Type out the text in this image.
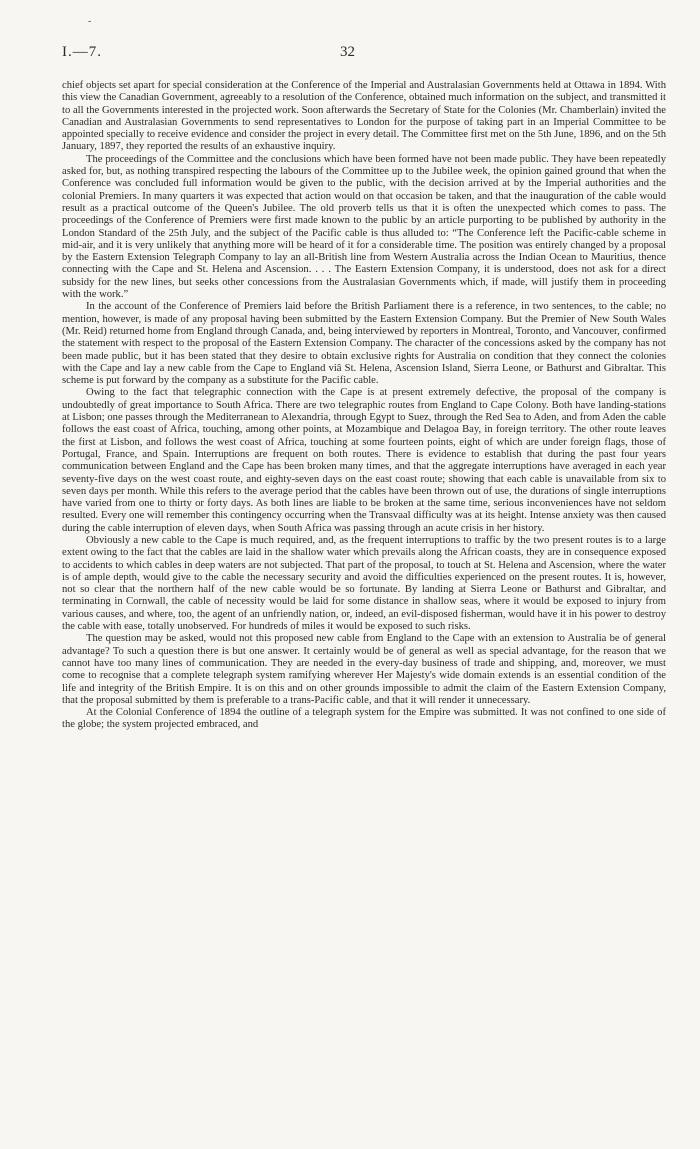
-
I.—7.	32

chief objects set apart for special consideration at the Conference of the Imperial and Australasian Governments held at Ottawa in 1894. With this view the Canadian Government, agreeably to a resolution of the Conference, obtained much information on the subject, and transmitted it to all the Governments interested in the projected work. Soon afterwards the Secretary of State for the Colonies (Mr. Chamberlain) invited the Canadian and Australasian Governments to send representatives to London for the purpose of taking part in an Imperial Committee to be appointed specially to receive evidence and consider the project in every detail. The Committee first met on the 5th June, 1896, and on the 5th January, 1897, they reported the results of an exhaustive inquiry.

The proceedings of the Committee and the conclusions which have been formed have not been made public. They have been repeatedly asked for, but, as nothing transpired respecting the labours of the Committee up to the Jubilee week, the opinion gained ground that when the Conference was concluded full information would be given to the public, with the decision arrived at by the Imperial authorities and the colonial Premiers. In many quarters it was expected that action would on that occasion be taken, and that the inauguration of the cable would result as a practical outcome of the Queen's Jubilee. The old proverb tells us that it is often the unexpected which comes to pass. The proceedings of the Conference of Premiers were first made known to the public by an article purporting to be published by authority in the London Standard of the 25th July, and the subject of the Pacific cable is thus alluded to: “The Conference left the Pacific-cable scheme in mid-air, and it is very unlikely that anything more will be heard of it for a considerable time. The position was entirely changed by a proposal by the Eastern Extension Telegraph Company to lay an all-British line from Western Australia across the Indian Ocean to Mauritius, thence connecting with the Cape and St. Helena and Ascension. . . . The Eastern Extension Company, it is understood, does not ask for a direct subsidy for the new lines, but seeks other concessions from the Australasian Governments which, if made, will justify them in proceeding with the work.”

In the account of the Conference of Premiers laid before the British Parliament there is a reference, in two sentences, to the cable; no mention, however, is made of any proposal having been submitted by the Eastern Extension Company. But the Premier of New South Wales (Mr. Reid) returned home from England through Canada, and, being interviewed by reporters in Montreal, Toronto, and Vancouver, confirmed the statement with respect to the proposal of the Eastern Extension Company. The character of the concessions asked by the company has not been made public, but it has been stated that they desire to obtain exclusive rights for Australia on condition that they connect the colonies with the Cape and lay a new cable from the Cape to England viâ St. Helena, Ascension Island, Sierra Leone, or Bathurst and Gibraltar. This scheme is put forward by the company as a substitute for the Pacific cable.

Owing to the fact that telegraphic connection with the Cape is at present extremely defective, the proposal of the company is undoubtedly of great importance to South Africa. There are two telegraphic routes from England to Cape Colony. Both have landing-stations at Lisbon; one passes through the Mediterranean to Alexandria, through Egypt to Suez, through the Red Sea to Aden, and from Aden the cable follows the east coast of Africa, touching, among other points, at Mozambique and Delagoa Bay, in foreign territory. The other route leaves the first at Lisbon, and follows the west coast of Africa, touching at some fourteen points, eight of which are under foreign flags, those of Portugal, France, and Spain. Interruptions are frequent on both routes. There is evidence to establish that during the past four years communication between England and the Cape has been broken many times, and that the aggregate interruptions have averaged in each year seventy-five days on the west coast route, and eighty-seven days on the east coast route; showing that each cable is unavailable from six to seven days per month. While this refers to the average period that the cables have been thrown out of use, the durations of single interruptions have varied from one to thirty or forty days. As both lines are liable to be broken at the same time, serious inconveniences have not seldom resulted. Every one will remember this contingency occurring when the Transvaal difficulty was at its height. Intense anxiety was then caused during the cable interruption of eleven days, when South Africa was passing through an acute crisis in her history.

Obviously a new cable to the Cape is much required, and, as the frequent interruptions to traffic by the two present routes is to a large extent owing to the fact that the cables are laid in the shallow water which prevails along the African coasts, they are in consequence exposed to accidents to which cables in deep waters are not subjected. That part of the proposal, to touch at St. Helena and Ascension, where the water is of ample depth, would give to the cable the necessary security and avoid the difficulties experienced on the present routes. It is, however, not so clear that the northern half of the new cable would be so fortunate. By landing at Sierra Leone or Bathurst and Gibraltar, and terminating in Cornwall, the cable of necessity would be laid for some distance in shallow seas, where it would be exposed to injury from various causes, and where, too, the agent of an unfriendly nation, or, indeed, an evil-disposed fisherman, would have it in his power to destroy the cable with ease, totally unobserved. For hundreds of miles it would be exposed to such risks.

The question may be asked, would not this proposed new cable from England to the Cape with an extension to Australia be of general advantage? To such a question there is but one answer. It certainly would be of general as well as special advantage, for the reason that we cannot have too many lines of communication. They are needed in the every-day business of trade and shipping, and, moreover, we must come to recognise that a complete telegraph system ramifying wherever Her Majesty's wide domain extends is an essential condition of the life and integrity of the British Empire. It is on this and on other grounds impossible to admit the claim of the Eastern Extension Company, that the proposal submitted by them is preferable to a trans-Pacific cable, and that it will render it unnecessary.

At the Colonial Conference of 1894 the outline of a telegraph system for the Empire was submitted. It was not confined to one side of the globe; the system projected embraced, and
